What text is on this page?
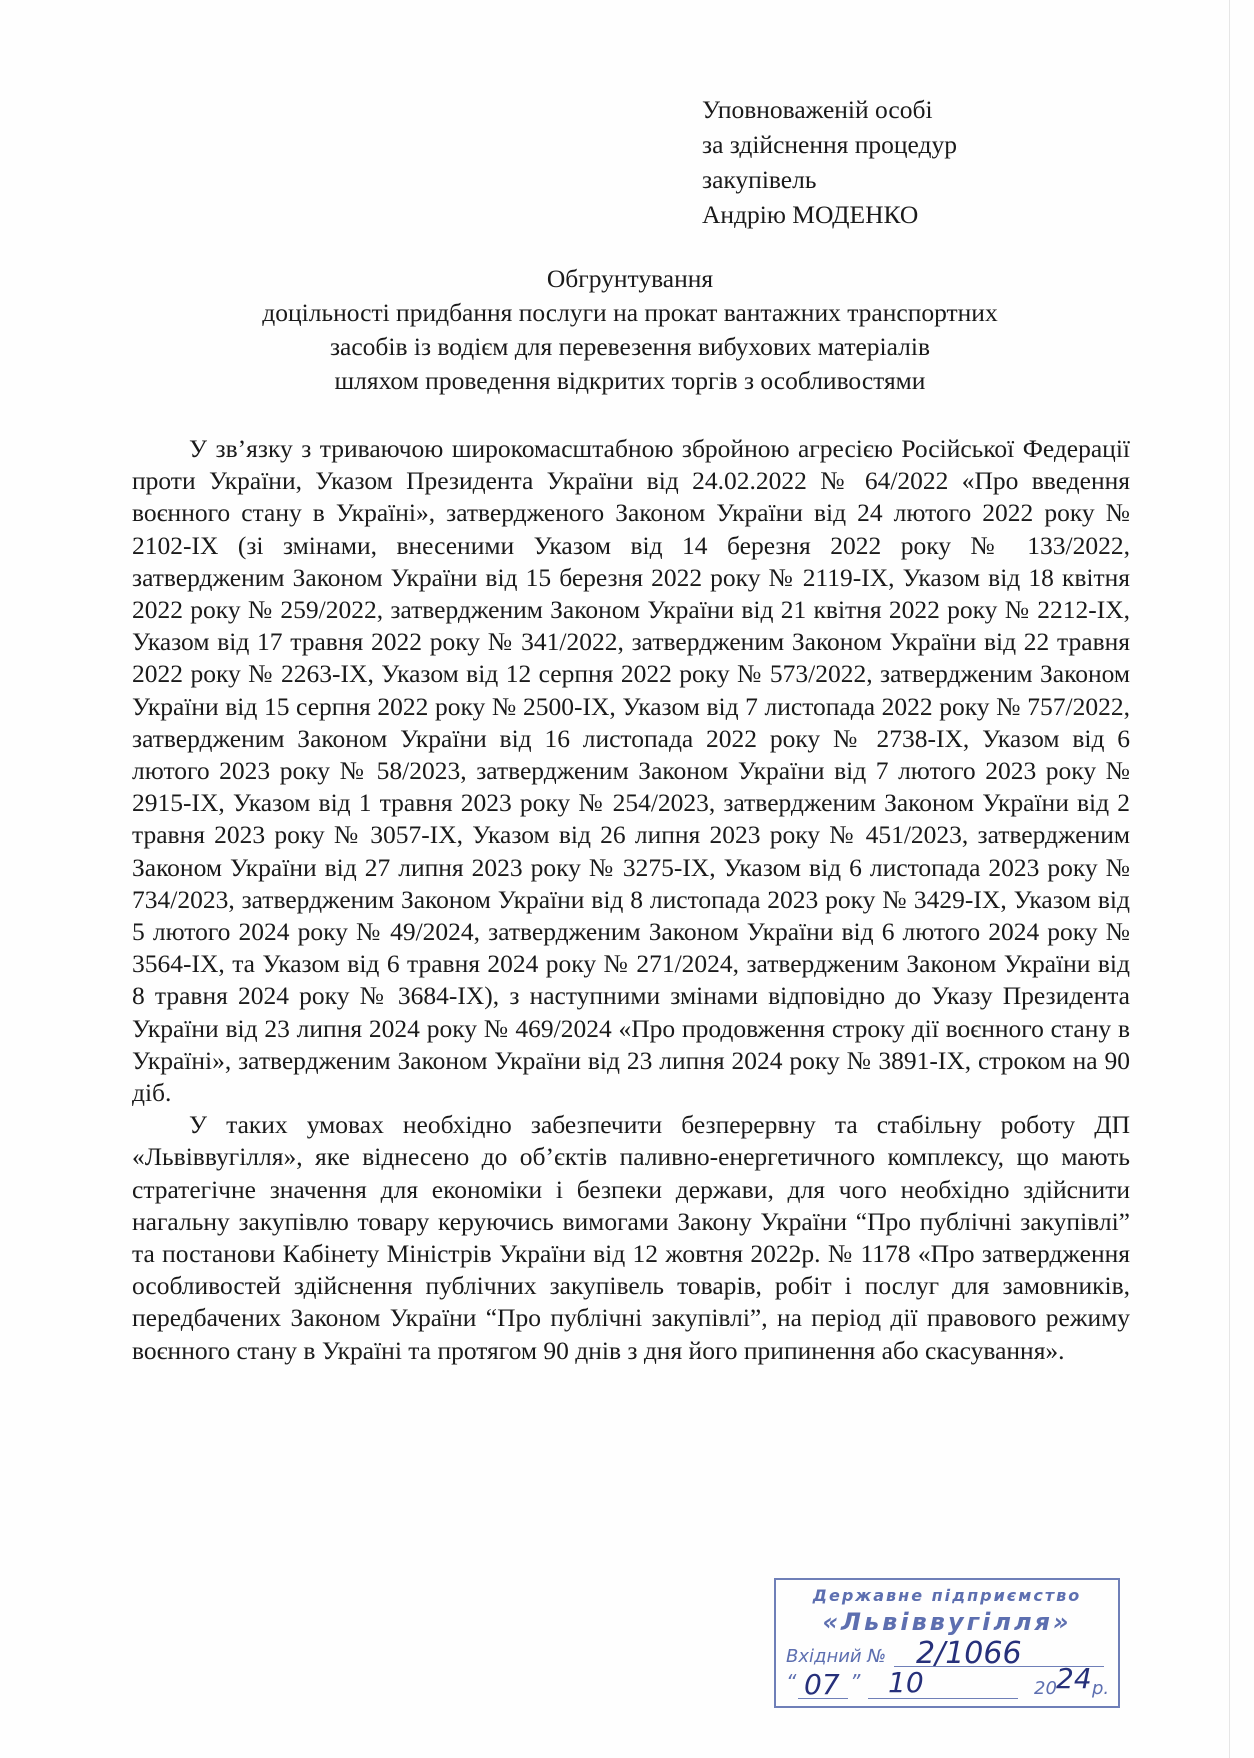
Уповноваженій особі
за здійснення процедур
закупівель
Андрію МОДЕНКО
Обгрунтування
доцільності придбання послуги на прокат вантажних транспортних
засобів із водієм для перевезення вибухових матеріалів
шляхом проведення відкритих торгів з особливостями

У зв’язку з триваючою широкомасштабною збройною агресією Російської Федерації проти України, Указом Президента України від 24.02.2022 № 64/2022 «Про введення воєнного стану в Україні», затвердженого Законом України від 24 лютого 2022 року № 2102-IX (зі змінами, внесеними Указом від 14 березня 2022 року № 133/2022, затвердженим Законом України від 15 березня 2022 року № 2119-IX, Указом від 18 квітня 2022 року № 259/2022, затвердженим Законом України від 21 квітня 2022 року № 2212-IX, Указом від 17 травня 2022 року № 341/2022, затвердженим Законом України від 22 травня 2022 року № 2263-IX, Указом від 12 серпня 2022 року № 573/2022, затвердженим Законом України від 15 серпня 2022 року № 2500-IX, Указом від 7 листопада 2022 року № 757/2022, затвердженим Законом України від 16 листопада 2022 року № 2738-IX, Указом від 6 лютого 2023 року № 58/2023, затвердженим Законом України від 7 лютого 2023 року № 2915-IX, Указом від 1 травня 2023 року № 254/2023, затвердженим Законом України від 2 травня 2023 року № 3057-IX, Указом від 26 липня 2023 року № 451/2023, затвердженим Законом України від 27 липня 2023 року № 3275-IX, Указом від 6 листопада 2023 року № 734/2023, затвердженим Законом України від 8 листопада 2023 року № 3429-IX, Указом від 5 лютого 2024 року № 49/2024, затвердженим Законом України від 6 лютого 2024 року № 3564-IX, та Указом від 6 травня 2024 року № 271/2024, затвердженим Законом України від 8 травня 2024 року № 3684-IX), з наступними змінами відповідно до Указу Президента України від 23 липня 2024 року № 469/2024 «Про продовження строку дії воєнного стану в Україні», затвердженим Законом України від 23 липня 2024 року № 3891-IX, строком на 90 діб.

У таких умовах необхідно забезпечити безперервну та стабільну роботу ДП «Львіввугілля», яке віднесено до об’єктів паливно-енергетичного комплексу, що мають стратегічне значення для економіки і безпеки держави, для чого необхідно здійснити нагальну закупівлю товару керуючись вимогами Закону України “Про публічні закупівлі” та постанови Кабінету Міністрів України від 12 жовтня 2022р. № 1178 «Про затвердження особливостей здійснення публічних закупівель товарів, робіт і послуг для замовників, передбачених Законом України “Про публічні закупівлі”, на період дії правового режиму воєнного стану в Україні та протягом 90 днів з дня його припинення або скасування».

Державне підприємство
«Львіввугілля»
Вхідний № 2/1066
“ 07 ” 10	20 24 р.
